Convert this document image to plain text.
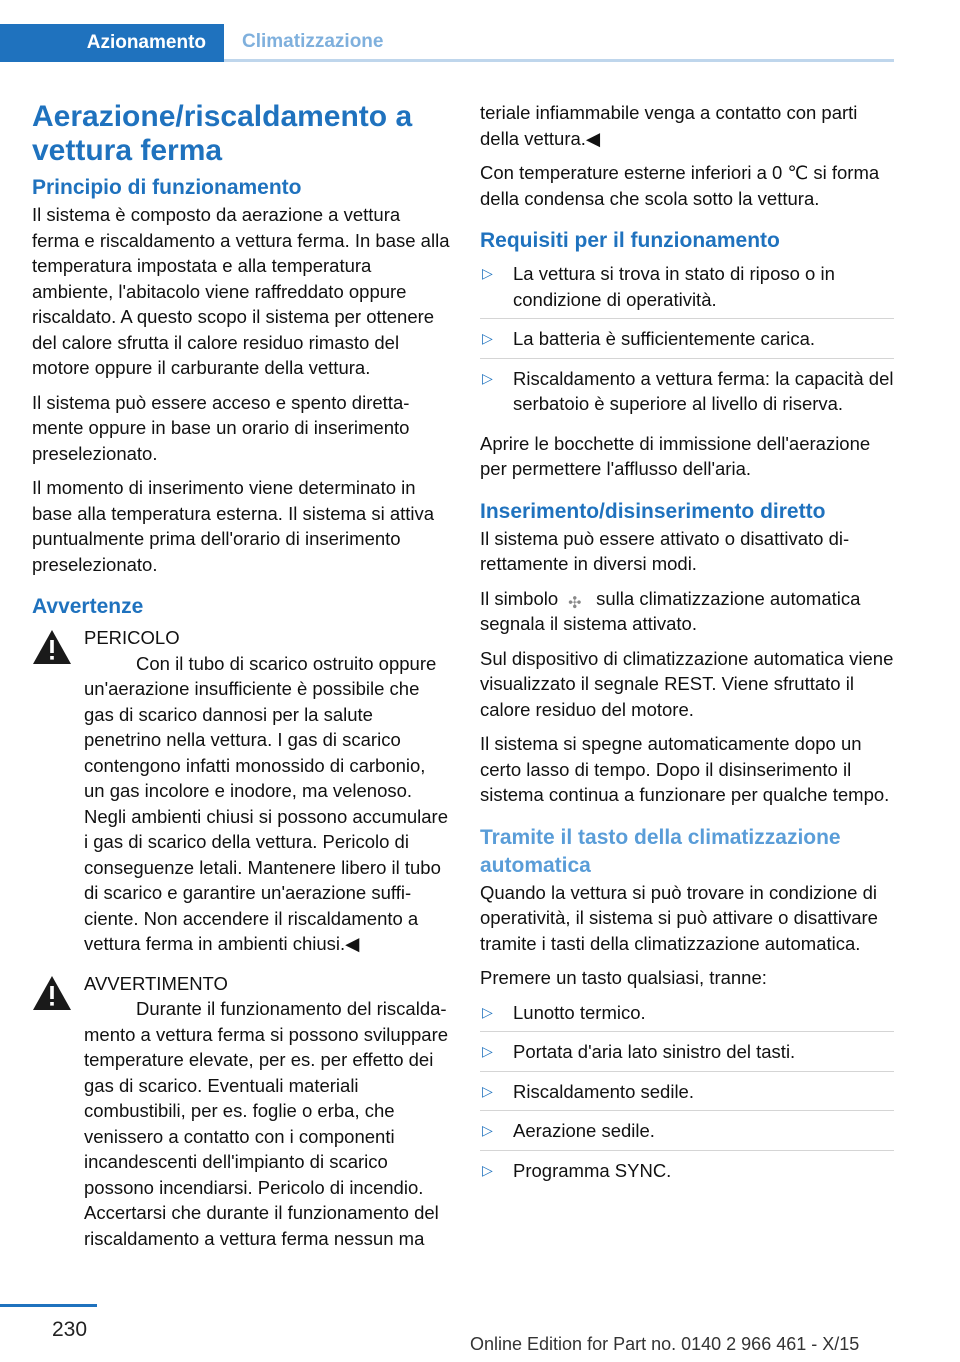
Azionamento	Climatizzazione
Aerazione/riscaldamento a vettura ferma
Principio di funzionamento

Il sistema è composto da aerazione a vettura ferma e riscaldamento a vettura ferma. In base alla temperatura impostata e alla temperatura ambiente, l'abitacolo viene raffreddato oppure riscaldato. A questo scopo il sistema per ottenere del calore sfrutta il calore residuo rimasto del motore oppure il carburante della vettura.

Il sistema può essere acceso e spento direttamente oppure in base un orario di inserimento preselezionato.

Il momento di inserimento viene determinato in base alla temperatura esterna. Il sistema si attiva puntualmente prima dell'orario di inserimento preselezionato.

Avvertenze
PERICOLO

Con il tubo di scarico ostruito oppure un'aerazione insufficiente è possibile che gas di scarico dannosi per la salute penetrino nella vettura. I gas di scarico contengono infatti monossido di carbonio, un gas incolore e inodore, ma velenoso. Negli ambienti chiusi si possono accumulare i gas di scarico della vettura. Pericolo di conseguenze letali. Mantenere libero il tubo di scarico e garantire un'aerazione sufficiente. Non accendere il riscaldamento a vettura ferma in ambienti chiusi.◀

AVVERTIMENTO

Durante il funzionamento del riscaldamento a vettura ferma si possono sviluppare temperature elevate, per es. per effetto dei gas di scarico. Eventuali materiali combustibili, per es. foglie o erba, che venissero a contatto con i componenti incandescenti dell'impianto di scarico possono incendiarsi. Pericolo di incendio. Accertarsi che durante il funzionamento del riscaldamento a vettura ferma nessun ma

teriale infiammabile venga a contatto con parti della vettura.◀

Con temperature esterne inferiori a 0 ℃ si forma della condensa che scola sotto la vettura.

Requisiti per il funzionamento
▷ La vettura si trova in stato di riposo o in condizione di operatività.
▷ La batteria è sufficientemente carica.
▷ Riscaldamento a vettura ferma: la capacità del serbatoio è superiore al livello di riserva.

Aprire le bocchette di immissione dell'aerazione per permettere l'afflusso dell'aria.

Inserimento/disinserimento diretto

Il sistema può essere attivato o disattivato direttamente in diversi modi.

Il simbolo ✣ sulla climatizzazione automatica segnala il sistema attivato.

Sul dispositivo di climatizzazione automatica viene visualizzato il segnale REST. Viene sfruttato il calore residuo del motore.

Il sistema si spegne automaticamente dopo un certo lasso di tempo. Dopo il disinserimento il sistema continua a funzionare per qualche tempo.

Tramite il tasto della climatizzazione automatica

Quando la vettura si può trovare in condizione di operatività, il sistema si può attivare o disattivare tramite i tasti della climatizzazione automatica.

Premere un tasto qualsiasi, tranne:

▷ Lunotto termico.
▷ Portata d'aria lato sinistro del tasti.
▷ Riscaldamento sedile.
▷ Aerazione sedile.
▷ Programma SYNC.
230
Online Edition for Part no. 0140 2 966 461 - X/15
